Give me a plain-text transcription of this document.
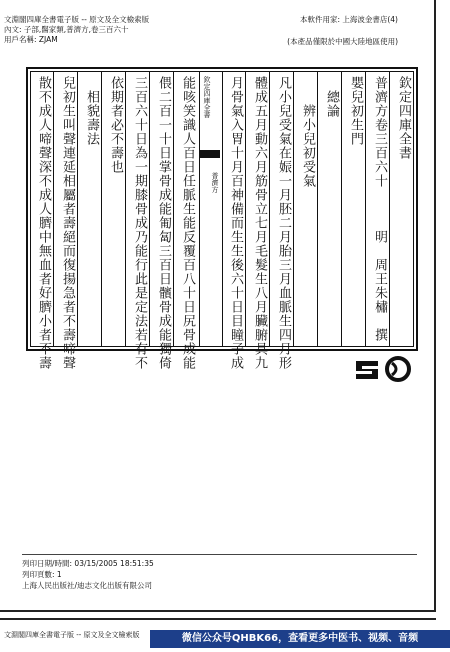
文淵閣四庫全書電子版 -- 原文及全文檢索版
內文: 子部,醫家類,普濟方,卷三百六十
用戶名稱: ZJAM
本軟件用家: 上海波金書店(4)
(本產品僅限於中國大陸地區使用)
欽定四庫全書
普濟方卷三百六十　　　明　周王朱橚　撰
嬰兒初生門
　總論
　　辨小兒初受氣
凡小兒受氣在娠一月胚二月胎三月血脈生四月形
體成五月動六月筋骨立七月毛髮生八月臟腑具九
月骨氣入胃十月百神備而生生後六十日目瞳子成
欽定四庫全書
普濟方
能咳笑識人百日任脈生能反覆百八十日尻骨成能
偎二百一十日掌骨成能匍匐三百日髕骨成能獨倚
三百六十日為一期膝骨成乃能行此是定法若有不
依期者必不壽也
　相貌壽法
兒初生叫聲連延相屬者壽絕而復揚急者不壽啼聲
散不成人啼聲深不成人臍中無血者好臍小者不壽
列印日期/時間: 03/15/2005 18:51:35
列印頁數: 1
上海人民出版社/迪志文化出版有限公司
文淵閣四庫全書電子版 -- 原文及全文檢索版	微信公众号QHBK66，查看更多中医书、视频、音频
